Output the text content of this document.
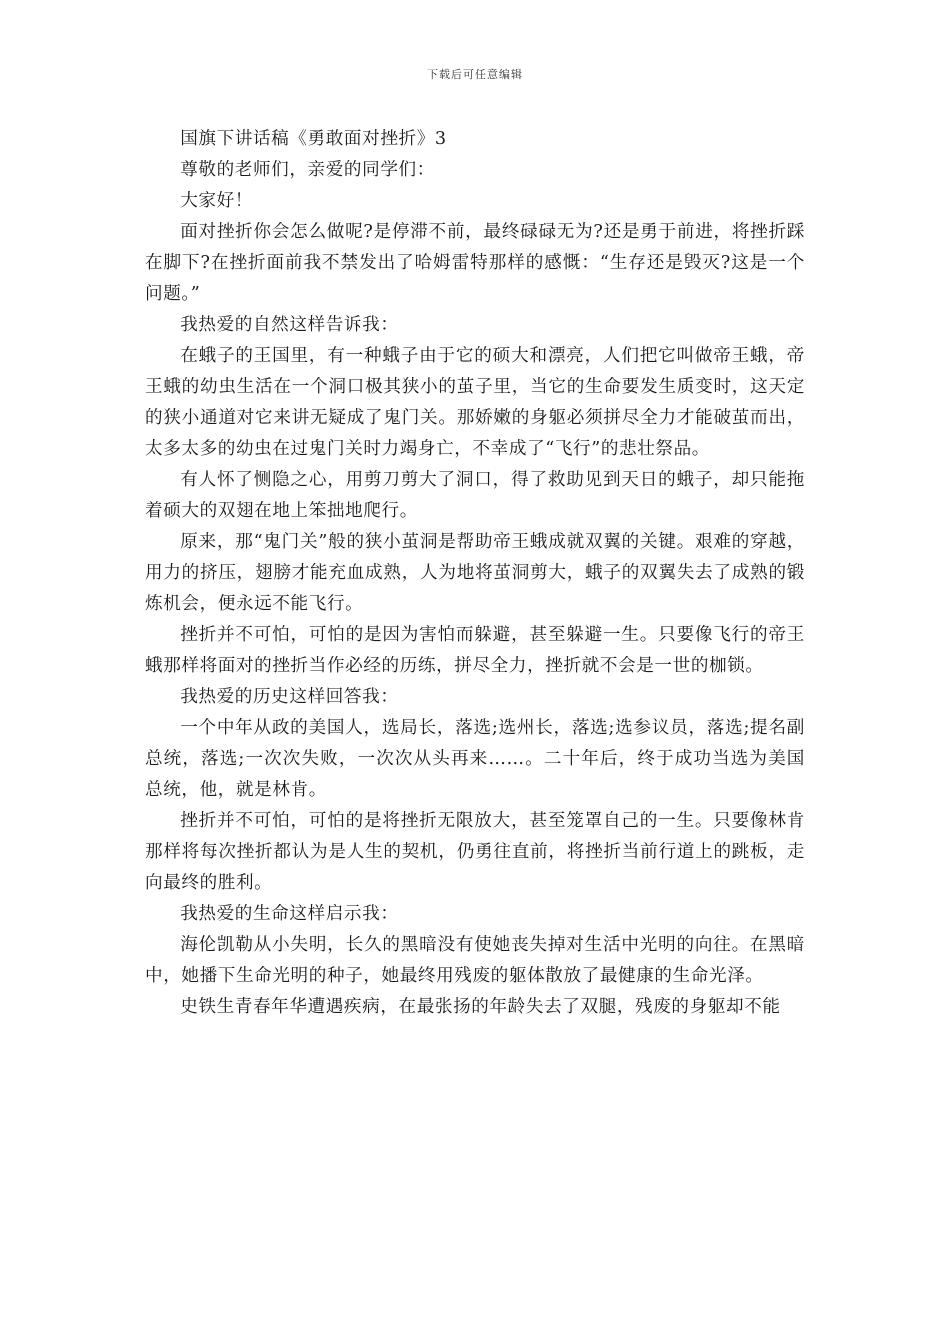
下载后可任意编辑

国旗下讲话稿《勇敢面对挫折》3

尊敬的老师们，亲爱的同学们：

大家好！

面对挫折你会怎么做呢?是停滞不前，最终碌碌无为?还是勇于前进，将挫折踩在脚下?在挫折面前我不禁发出了哈姆雷特那样的感慨：“生存还是毁灭?这是一个问题。”

我热爱的自然这样告诉我：

在蛾子的王国里，有一种蛾子由于它的硕大和漂亮，人们把它叫做帝王蛾，帝王蛾的幼虫生活在一个洞口极其狭小的茧子里，当它的生命要发生质变时，这天定的狭小通道对它来讲无疑成了鬼门关。那娇嫩的身躯必须拼尽全力才能破茧而出，太多太多的幼虫在过鬼门关时力竭身亡，不幸成了“飞行”的悲壮祭品。

有人怀了恻隐之心，用剪刀剪大了洞口，得了救助见到天日的蛾子，却只能拖着硕大的双翅在地上笨拙地爬行。

原来，那“鬼门关”般的狭小茧洞是帮助帝王蛾成就双翼的关键。艰难的穿越，用力的挤压，翅膀才能充血成熟，人为地将茧洞剪大，蛾子的双翼失去了成熟的锻炼机会，便永远不能飞行。

挫折并不可怕，可怕的是因为害怕而躲避，甚至躲避一生。只要像飞行的帝王蛾那样将面对的挫折当作必经的历练，拼尽全力，挫折就不会是一世的枷锁。

我热爱的历史这样回答我：

一个中年从政的美国人，选局长，落选;选州长，落选;选参议员，落选;提名副总统，落选;一次次失败，一次次从头再来……。二十年后，终于成功当选为美国总统，他，就是林肯。

挫折并不可怕，可怕的是将挫折无限放大，甚至笼罩自己的一生。只要像林肯那样将每次挫折都认为是人生的契机，仍勇往直前，将挫折当前行道上的跳板，走向最终的胜利。

我热爱的生命这样启示我：

海伦凯勒从小失明，长久的黑暗没有使她丧失掉对生活中光明的向往。在黑暗中，她播下生命光明的种子，她最终用残废的躯体散放了最健康的生命光泽。

史铁生青春年华遭遇疾病，在最张扬的年龄失去了双腿，残废的身躯却不能
